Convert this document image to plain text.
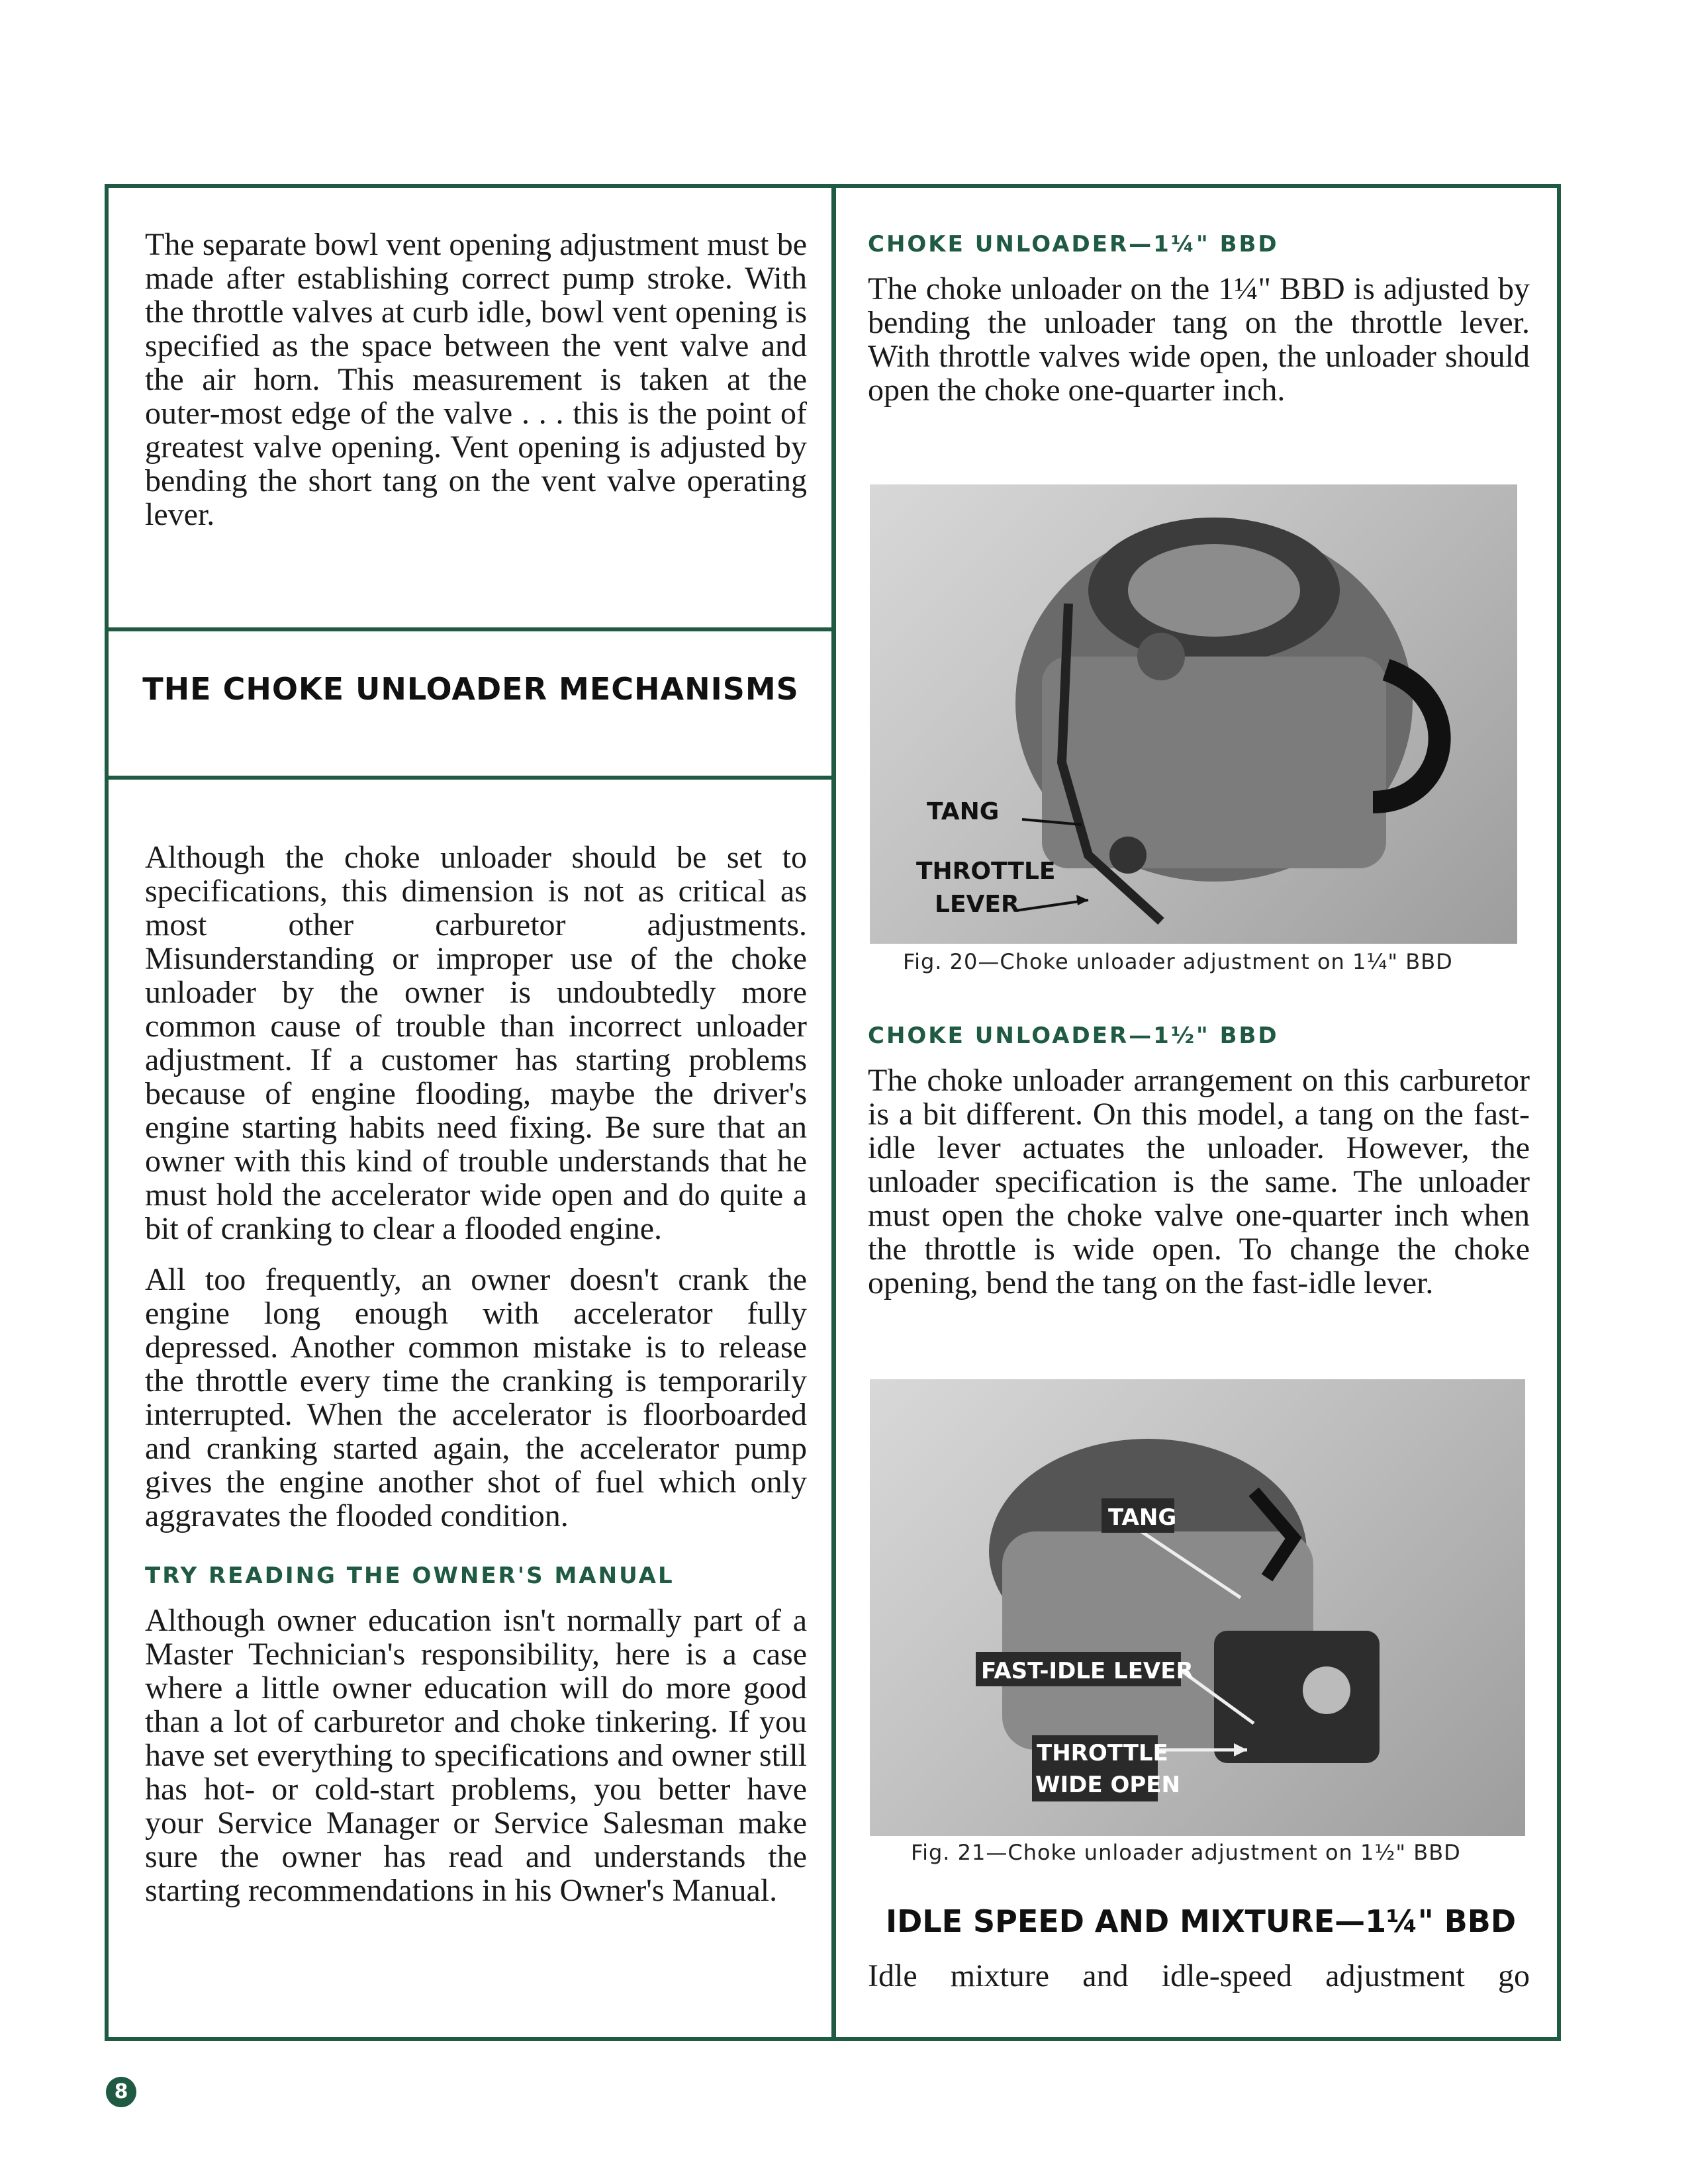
The separate bowl vent opening adjustment must be made after establishing correct pump stroke. With the throttle valves at curb idle, bowl vent opening is specified as the space between the vent valve and the air horn. This measurement is taken at the outer-most edge of the valve . . . this is the point of greatest valve opening. Vent opening is adjusted by bending the short tang on the vent valve operating lever.

THE CHOKE UNLOADER MECHANISMS

Although the choke unloader should be set to specifications, this dimension is not as critical as most other carburetor adjustments. Misunderstanding or improper use of the choke unloader by the owner is undoubtedly more common cause of trouble than incorrect unloader adjustment. If a customer has starting problems because of engine flooding, maybe the driver's engine starting habits need fixing. Be sure that an owner with this kind of trouble understands that he must hold the accelerator wide open and do quite a bit of cranking to clear a flooded engine.

All too frequently, an owner doesn't crank the engine long enough with accelerator fully depressed. Another common mistake is to release the throttle every time the cranking is temporarily interrupted. When the accelerator is floorboarded and cranking started again, the accelerator pump gives the engine another shot of fuel which only aggravates the flooded condition.

TRY READING THE OWNER'S MANUAL

Although owner education isn't normally part of a Master Technician's responsibility, here is a case where a little owner education will do more good than a lot of carburetor and choke tinkering. If you have set everything to specifications and owner still has hot- or cold-start problems, you better have your Service Manager or Service Salesman make sure the owner has read and understands the starting recommendations in his Owner's Manual.

CHOKE UNLOADER—1¼" BBD

The choke unloader on the 1¼" BBD is adjusted by bending the unloader tang on the throttle lever. With throttle valves wide open, the unloader should open the choke one-quarter inch.

TANG
THROTTLE
LEVER
Fig. 20—Choke unloader adjustment on 1¼" BBD
CHOKE UNLOADER—1½" BBD

The choke unloader arrangement on this carburetor is a bit different. On this model, a tang on the fast-idle lever actuates the unloader. However, the unloader specification is the same. The unloader must open the choke valve one-quarter inch when the throttle is wide open. To change the choke opening, bend the tang on the fast-idle lever.

TANG
FAST-IDLE LEVER
THROTTLE
WIDE OPEN
Fig. 21—Choke unloader adjustment on 1½" BBD
IDLE SPEED AND MIXTURE—1¼" BBD

Idle mixture and idle-speed adjustment go

8
